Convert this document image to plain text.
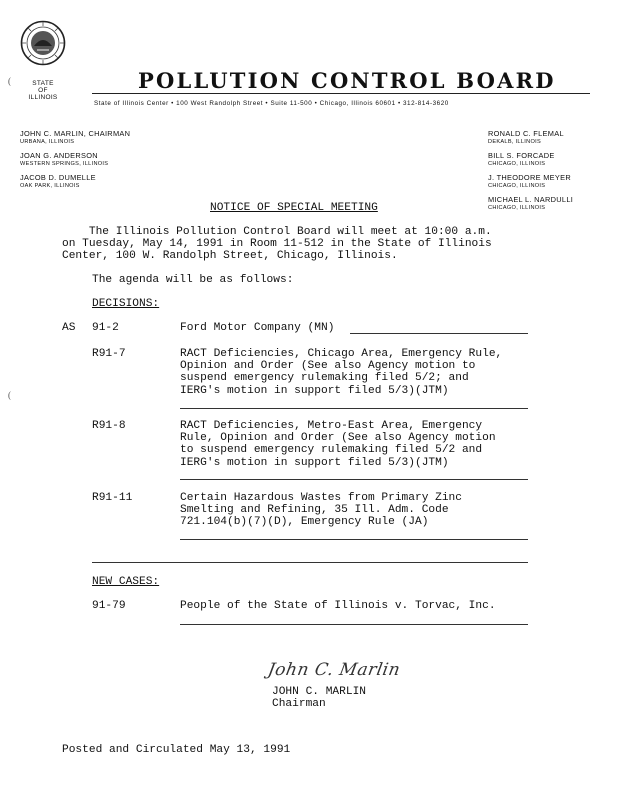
STATE
OF
ILLINOIS
POLLUTION CONTROL BOARD
State of Illinois Center • 100 West Randolph Street • Suite 11-500 • Chicago, Illinois 60601 • 312-814-3620
JOHN C. MARLIN, CHAIRMAN
URBANA, ILLINOIS
JOAN G. ANDERSON
WESTERN SPRINGS, ILLINOIS
JACOB D. DUMELLE
OAK PARK, ILLINOIS
RONALD C. FLEMAL
DEKALB, ILLINOIS
BILL S. FORCADE
CHICAGO, ILLINOIS
J. THEODORE MEYER
CHICAGO, ILLINOIS
MICHAEL L. NARDULLI
CHICAGO, ILLINOIS
NOTICE OF SPECIAL MEETING
The Illinois Pollution Control Board will meet at 10:00 a.m.
on Tuesday, May 14, 1991 in Room 11-512 in the State of Illinois
Center, 100 W. Randolph Street, Chicago, Illinois.
The agenda will be as follows:
DECISIONS:
AS 91-2	Ford Motor Company (MN)
R91-7	RACT Deficiencies, Chicago Area, Emergency Rule,
Opinion and Order (See also Agency motion to
suspend emergency rulemaking filed 5/2; and
IERG's motion in support filed 5/3)(JTM)
R91-8	RACT Deficiencies, Metro-East Area, Emergency
Rule, Opinion and Order (See also Agency motion
to suspend emergency rulemaking filed 5/2 and
IERG's motion in support filed 5/3)(JTM)
R91-11	Certain Hazardous Wastes from Primary Zinc
Smelting and Refining, 35 Ill. Adm. Code
721.104(b)(7)(D), Emergency Rule (JA)
NEW CASES:
91-79	People of the State of Illinois v. Torvac, Inc.
John C. Marlin
JOHN C. MARLIN
Chairman
Posted and Circulated May 13, 1991
(
(
